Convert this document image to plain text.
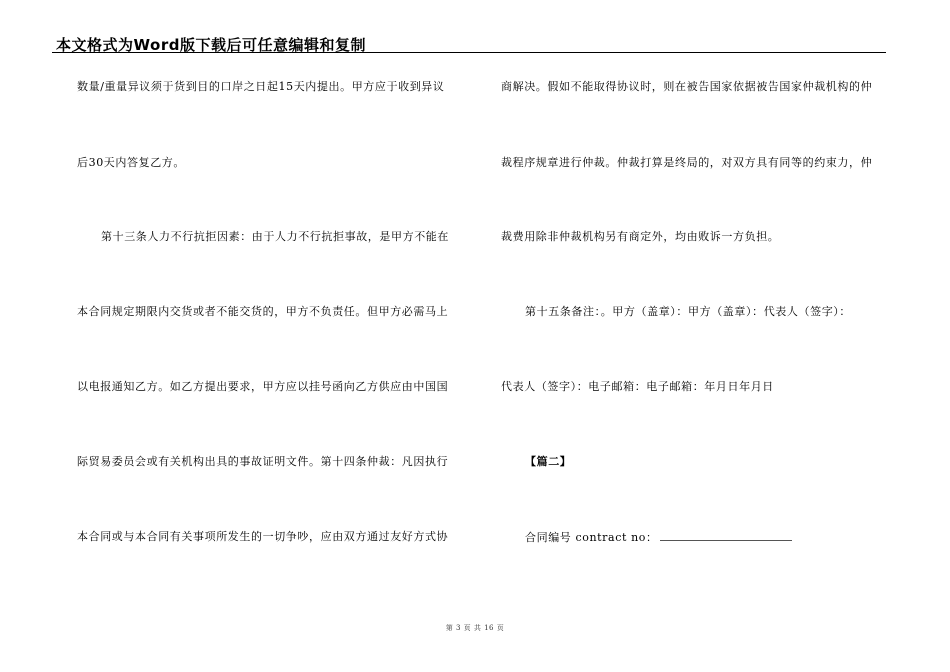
本文格式为Word版下载后可任意编辑和复制
数量/重量异议须于货到目的口岸之日起15天内提出。甲方应于收到异议
后30天内答复乙方。
第十三条人力不行抗拒因素：由于人力不行抗拒事故，是甲方不能在
本合同规定期限内交货或者不能交货的，甲方不负责任。但甲方必需马上
以电报通知乙方。如乙方提出要求，甲方应以挂号函向乙方供应由中国国
际贸易委员会或有关机构出具的事故证明文件。第十四条仲裁：凡因执行
本合同或与本合同有关事项所发生的一切争吵，应由双方通过友好方式协
商解决。假如不能取得协议时，则在被告国家依据被告国家仲裁机构的仲
裁程序规章进行仲裁。仲裁打算是终局的，对双方具有同等的约束力，仲
裁费用除非仲裁机构另有商定外，均由败诉一方负担。
第十五条备注：。甲方（盖章）：甲方（盖章）：代表人（签字）：
代表人（签字）：电子邮箱：电子邮箱：年月日年月日
【篇二】
合同编号 contract no：
第 3 页 共 16 页
